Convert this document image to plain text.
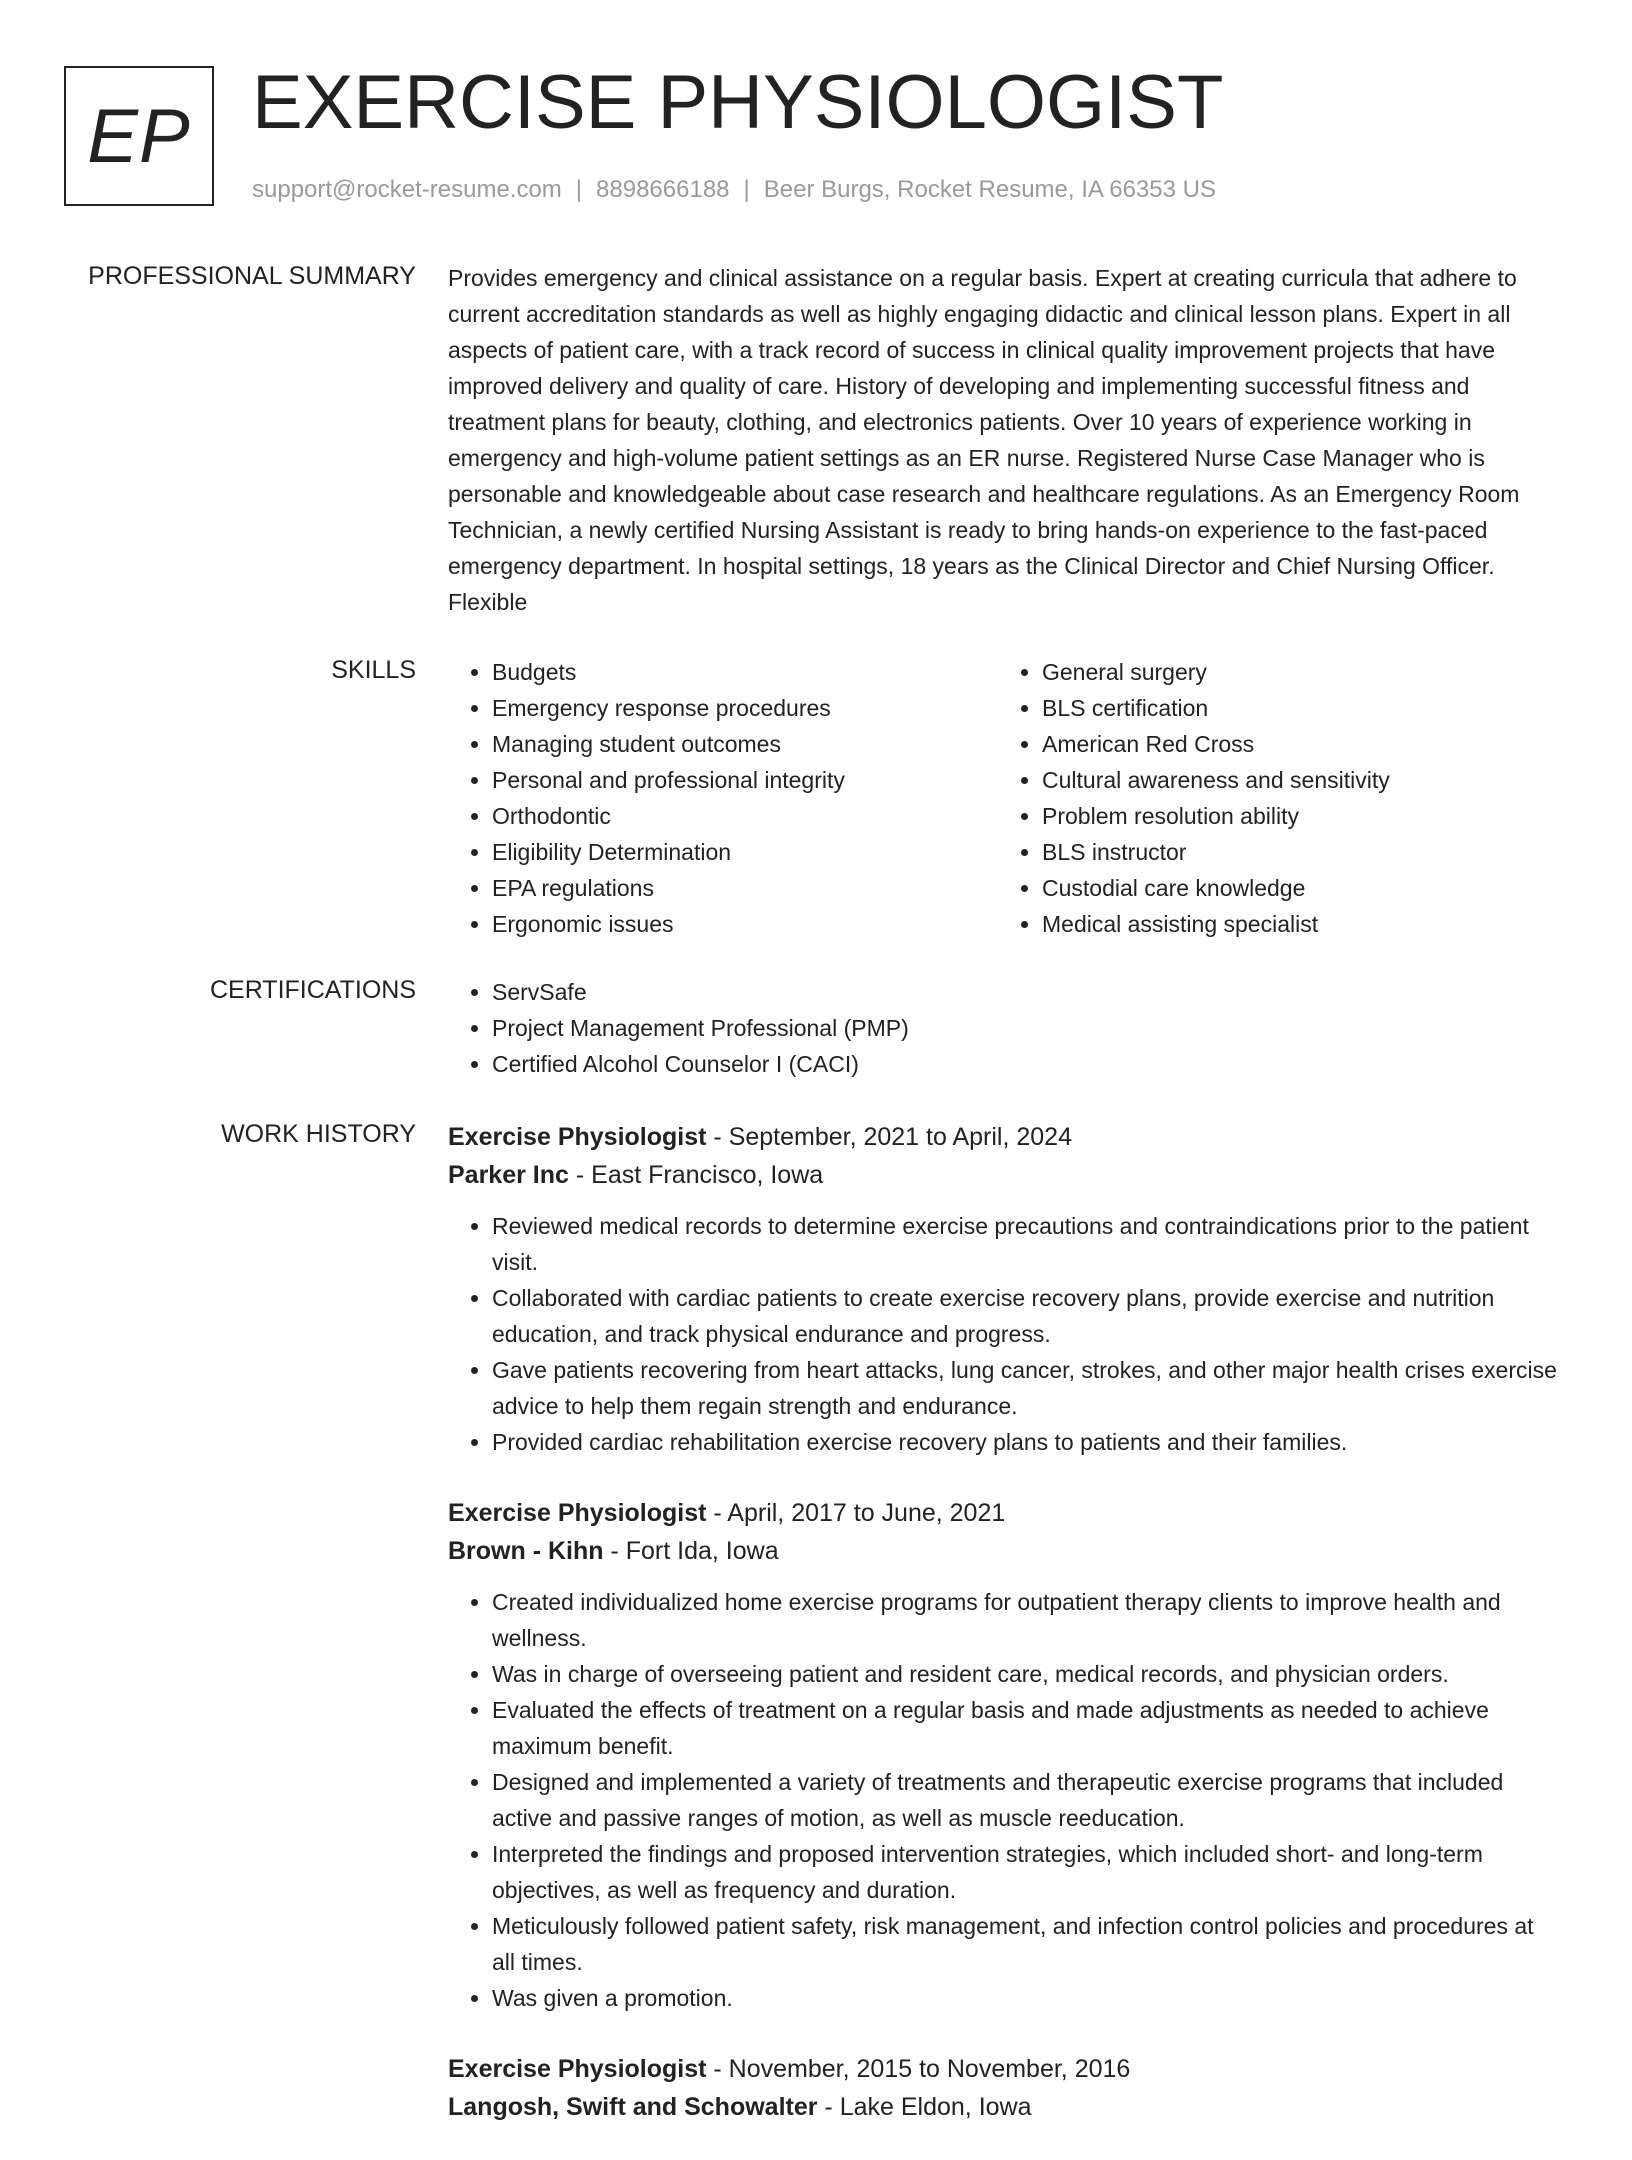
EP EXERCISE PHYSIOLOGIST
support@rocket-resume.com | 8898666188 | Beer Burgs, Rocket Resume, IA 66353 US
PROFESSIONAL SUMMARY Provides emergency and clinical assistance on a regular basis. Expert at creating curricula that adhere to current accreditation standards as well as highly engaging didactic and clinical lesson plans. Expert in all aspects of patient care, with a track record of success in clinical quality improvement projects that have improved delivery and quality of care. History of developing and implementing successful fitness and treatment plans for beauty, clothing, and electronics patients. Over 10 years of experience working in emergency and high-volume patient settings as an ER nurse. Registered Nurse Case Manager who is personable and knowledgeable about case research and healthcare regulations. As an Emergency Room Technician, a newly certified Nursing Assistant is ready to bring hands-on experience to the fast-paced emergency department. In hospital settings, 18 years as the Clinical Director and Chief Nursing Officer. Flexible

SKILLS	• Budgets
• Emergency response procedures
• Managing student outcomes
• Personal and professional integrity
• Orthodontic
• Eligibility Determination
• EPA regulations
• Ergonomic issues
• General surgery
• BLS certification
• American Red Cross
• Cultural awareness and sensitivity
• Problem resolution ability
• BLS instructor
• Custodial care knowledge
• Medical assisting specialist
CERTIFICATIONS	• ServSafe
• Project Management Professional (PMP)
• Certified Alcohol Counselor I (CACI)
WORK HISTORY Exercise Physiologist - September, 2021 to April, 2024
Parker Inc - East Francisco, Iowa
• Reviewed medical records to determine exercise precautions and contraindications prior to the patient visit.
• Collaborated with cardiac patients to create exercise recovery plans, provide exercise and nutrition education, and track physical endurance and progress.
• Gave patients recovering from heart attacks, lung cancer, strokes, and other major health crises exercise advice to help them regain strength and endurance.
• Provided cardiac rehabilitation exercise recovery plans to patients and their families.
Exercise Physiologist - April, 2017 to June, 2021
Brown - Kihn - Fort Ida, Iowa
• Created individualized home exercise programs for outpatient therapy clients to improve health and wellness.
• Was in charge of overseeing patient and resident care, medical records, and physician orders.
• Evaluated the effects of treatment on a regular basis and made adjustments as needed to achieve maximum benefit.
• Designed and implemented a variety of treatments and therapeutic exercise programs that included active and passive ranges of motion, as well as muscle reeducation.
• Interpreted the findings and proposed intervention strategies, which included short- and long-term objectives, as well as frequency and duration.
• Meticulously followed patient safety, risk management, and infection control policies and procedures at all times.
• Was given a promotion.
Exercise Physiologist - November, 2015 to November, 2016
Langosh, Swift and Schowalter - Lake Eldon, Iowa
